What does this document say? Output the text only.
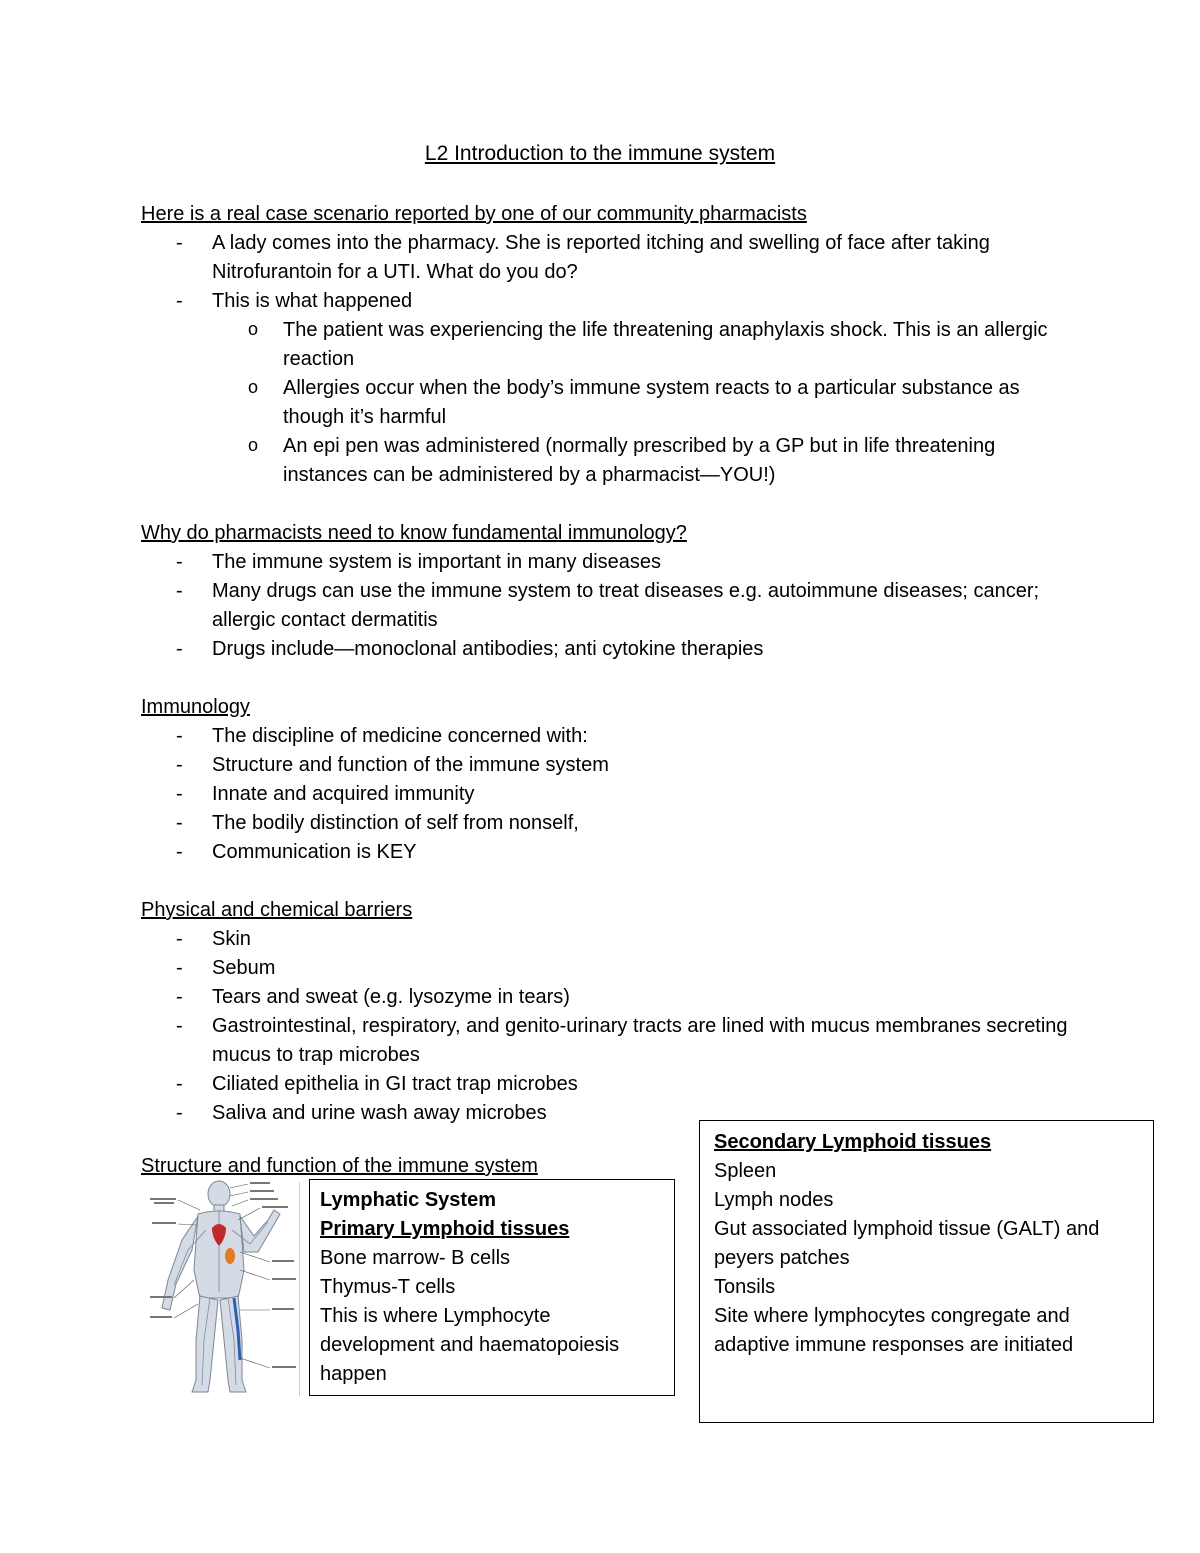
L2 Introduction to the immune system

Here is a real case scenario reported by one of our community pharmacists

- A lady comes into the pharmacy. She is reported itching and swelling of face after taking Nitrofurantoin for a UTI. What do you do?
- This is what happened
o The patient was experiencing the life threatening anaphylaxis shock. This is an allergic reaction
o Allergies occur when the body’s immune system reacts to a particular substance as though it’s harmful
o An epi pen was administered (normally prescribed by a GP but in life threatening instances can be administered by a pharmacist—YOU!)

Why do pharmacists need to know fundamental immunology?

- The immune system is important in many diseases
- Many drugs can use the immune system to treat diseases e.g. autoimmune diseases; cancer; allergic contact dermatitis
- Drugs include—monoclonal antibodies; anti cytokine therapies

Immunology

- The discipline of medicine concerned with:
- Structure and function of the immune system
- Innate and acquired immunity
- The bodily distinction of self from nonself,
- Communication is KEY

Physical and chemical barriers

- Skin
- Sebum
- Tears and sweat (e.g. lysozyme in tears)
- Gastrointestinal, respiratory, and genito-urinary tracts are lined with mucus membranes secreting mucus to trap microbes
- Ciliated epithelia in GI tract trap microbes
- Saliva and urine wash away microbes
Structure and function of the immune system
Lymphatic System
Primary Lymphoid tissues
Bone marrow- B cells
Thymus-T cells
This is where Lymphocyte development and haematopoiesis happen
Secondary Lymphoid tissues
Spleen
Lymph nodes
Gut associated lymphoid tissue (GALT) and peyers patches
Tonsils
Site where lymphocytes congregate and adaptive immune responses are initiated
